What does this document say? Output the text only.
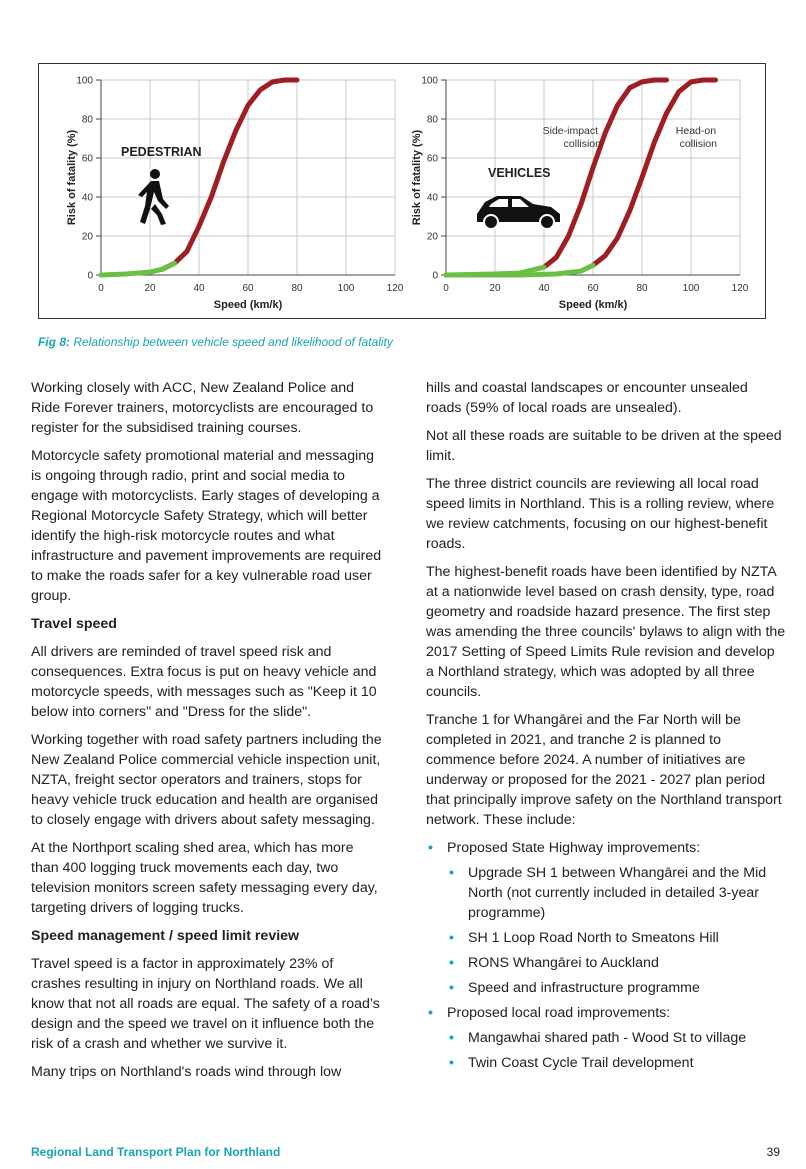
0	20	40	60	80	100	120
0
20
40
60
80
100
Speed (km/k)
Risk of fatality (%)
0	20	40	60	80	100	120
0
20
40
60
80
100
Speed (km/k)
Risk of fatality (%)	PEDESTRIAN
VEHICLES
Side-impact collision
Head-on collision
Fig 8: Relationship between vehicle speed and likelihood of fatality

Working closely with ACC, New Zealand Police and Ride Forever trainers, motorcyclists are encouraged to register for the subsidised training courses.

Motorcycle safety promotional material and messaging is ongoing through radio, print and social media to engage with motorcyclists. Early stages of developing a Regional Motorcycle Safety Strategy, which will better identify the high-risk motorcycle routes and what infrastructure and pavement improvements are required to make the roads safer for a key vulnerable road user group.

Travel speed

All drivers are reminded of travel speed risk and consequences. Extra focus is put on heavy vehicle and motorcycle speeds, with messages such as "Keep it 10 below into corners" and "Dress for the slide".

Working together with road safety partners including the New Zealand Police commercial vehicle inspection unit, NZTA, freight sector operators and trainers, stops for heavy vehicle truck education and health are organised to closely engage with drivers about safety messaging.

At the Northport scaling shed area, which has more than 400 logging truck movements each day, two television monitors screen safety messaging every day, targeting drivers of logging trucks.

Speed management / speed limit review

Travel speed is a factor in approximately 23% of crashes resulting in injury on Northland roads. We all know that not all roads are equal. The safety of a road’s design and the speed we travel on it influence both the risk of a crash and whether we survive it.

Many trips on Northland's roads wind through low

hills and coastal landscapes or encounter unsealed roads (59% of local roads are unsealed).

Not all these roads are suitable to be driven at the speed limit.

The three district councils are reviewing all local road speed limits in Northland. This is a rolling review, where we review catchments, focusing on our highest-benefit roads.

The highest-benefit roads have been identified by NZTA at a nationwide level based on crash density, type, road geometry and roadside hazard presence. The first step was amending the three councils' bylaws to align with the 2017 Setting of Speed Limits Rule revision and develop a Northland strategy, which was adopted by all three councils.

Tranche 1 for Whangārei and the Far North will be completed in 2021, and tranche 2 is planned to commence before 2024. A number of initiatives are underway or proposed for the 2021 - 2027 plan period that principally improve safety on the Northland transport network. These include:

• Proposed State Highway improvements:
• Upgrade SH 1 between Whangārei and the Mid North (not currently included in detailed 3-year programme)
• SH 1 Loop Road North to Smeatons Hill
• RONS Whangārei to Auckland
• Speed and infrastructure programme
• Proposed local road improvements:
• Mangawhai shared path - Wood St to village
• Twin Coast Cycle Trail development
Regional Land Transport Plan for Northland	39
